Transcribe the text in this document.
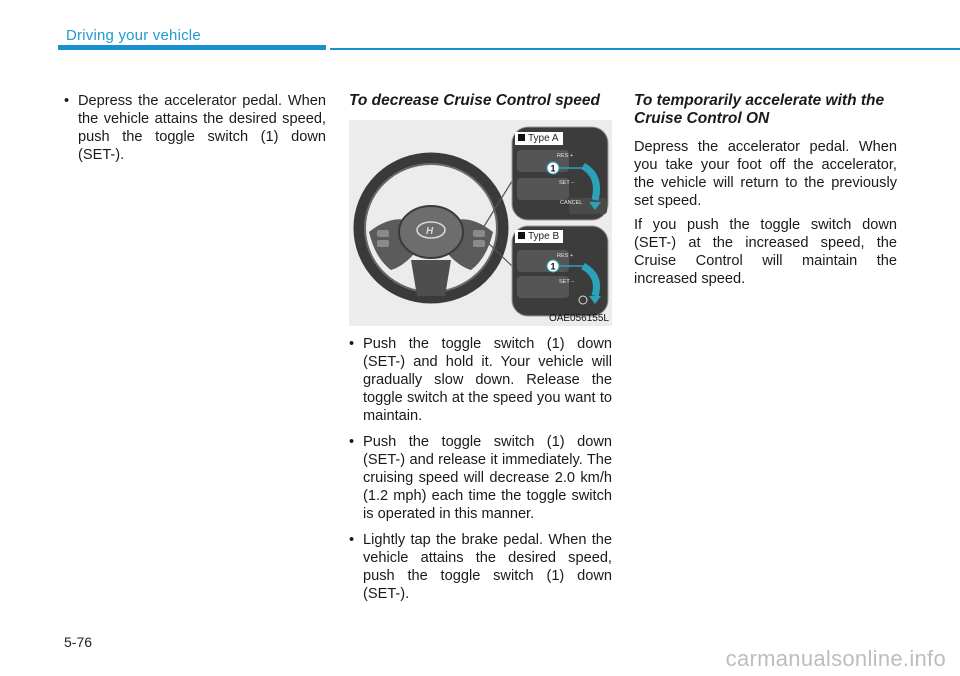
Driving your vehicle

• Depress the accelerator pedal. When the vehicle attains the desired speed, push the toggle switch (1) down (SET-).

To decrease Cruise Control speed
H
1
RES +
SET −
CANCEL
1
RES +
SET −
Type A
Type B
OAE056155L

• Push the toggle switch (1) down (SET-) and hold it. Your vehicle will gradually slow down. Release the toggle switch at the speed you want to maintain.

• Push the toggle switch (1) down (SET-) and release it immediately. The cruising speed will decrease 2.0 km/h (1.2 mph) each time the toggle switch is operated in this manner.

• Lightly tap the brake pedal. When the vehicle attains the desired speed, push the toggle switch (1) down (SET-).

To temporarily accelerate with the Cruise Control ON

Depress the accelerator pedal. When you take your foot off the accelerator, the vehicle will return to the previously set speed.

If you push the toggle switch down (SET-) at the increased speed, the Cruise Control will maintain the increased speed.

5-76
carmanualsonline.info
